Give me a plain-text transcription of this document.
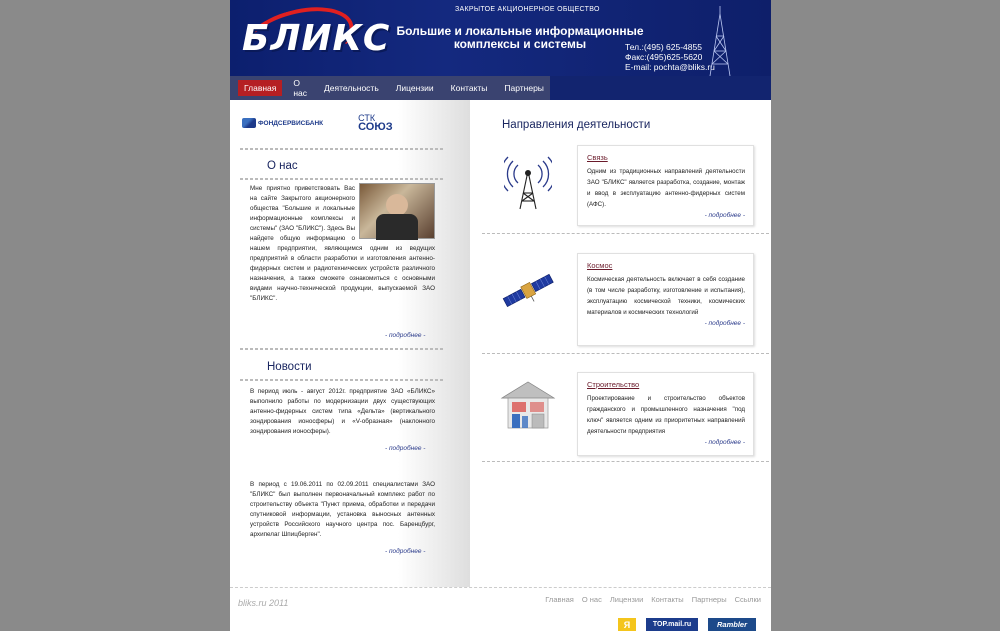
БЛИКС
ЗАКРЫТОЕ АКЦИОНЕРНОЕ ОБЩЕСТВО
Большие и локальные информационные комплексы и системы	Тел.:(495) 625-4855
Факс:(495)625-5620
E-mail: pochta@bliks.ru
Главная	О нас	Деятельность	Лицензии	Контакты	Партнеры
ФОНДСЕРВИСБАНК	СТК
СОЮЗ
О нас
Мне приятно приветствовать Вас на сайте Закрытого акционерного общества "Большие и локальные информационные комплексы и системы" (ЗАО "БЛИКС"). Здесь Вы найдете общую информацию о нашем предприятии, являющимся одним из ведущих предприятий в области разработки и изготовления антенно-фидерных систем и радиотехнических устройств различного назначения, а также сможете ознакомиться с основными видами научно-технической продукции, выпускаемой ЗАО "БЛИКС".
- подробнее -
Новости
В период июль - август 2012г. предприятие ЗАО «БЛИКС» выполнило работы по модернизации двух существующих антенно-фидерных систем типа «Дельта» (вертикального зондирования ионосферы) и «V-образная» (наклонного зондирования ионосферы).
- подробнее -
В период с 19.06.2011 по 02.09.2011 специалистами ЗАО "БЛИКС" был выполнен первоначальный комплекс работ по строительству объекта "Пункт приема, обработки и передачи спутниковой информации, установка выносных антенных устройств Российского научного центра пос. Баренцбург, архипелаг Шпицберген".
- подробнее -
Направления деятельности
Связь
Одним из традиционных направлений деятельности ЗАО "БЛИКС" является разработка, создание, монтаж и ввод в эксплуатацию антенно-фидерных систем (АФС).
- подробнее -
Космос
Космическая деятельность включает в себя создание (в том числе разработку, изготовление и испытания), эксплуатацию космической техники, космических материалов и космических технологий
- подробнее -
Строительство
Проектирование и строительство объектов гражданского и промышленного назначения "под ключ" является одним из приоритетных направлений деятельности предприятия
- подробнее -
bliks.ru 2011	Главная О нас Лицензии Контакты Партнеры Ссылки
Я	TOP.mail.ru	Rambler
